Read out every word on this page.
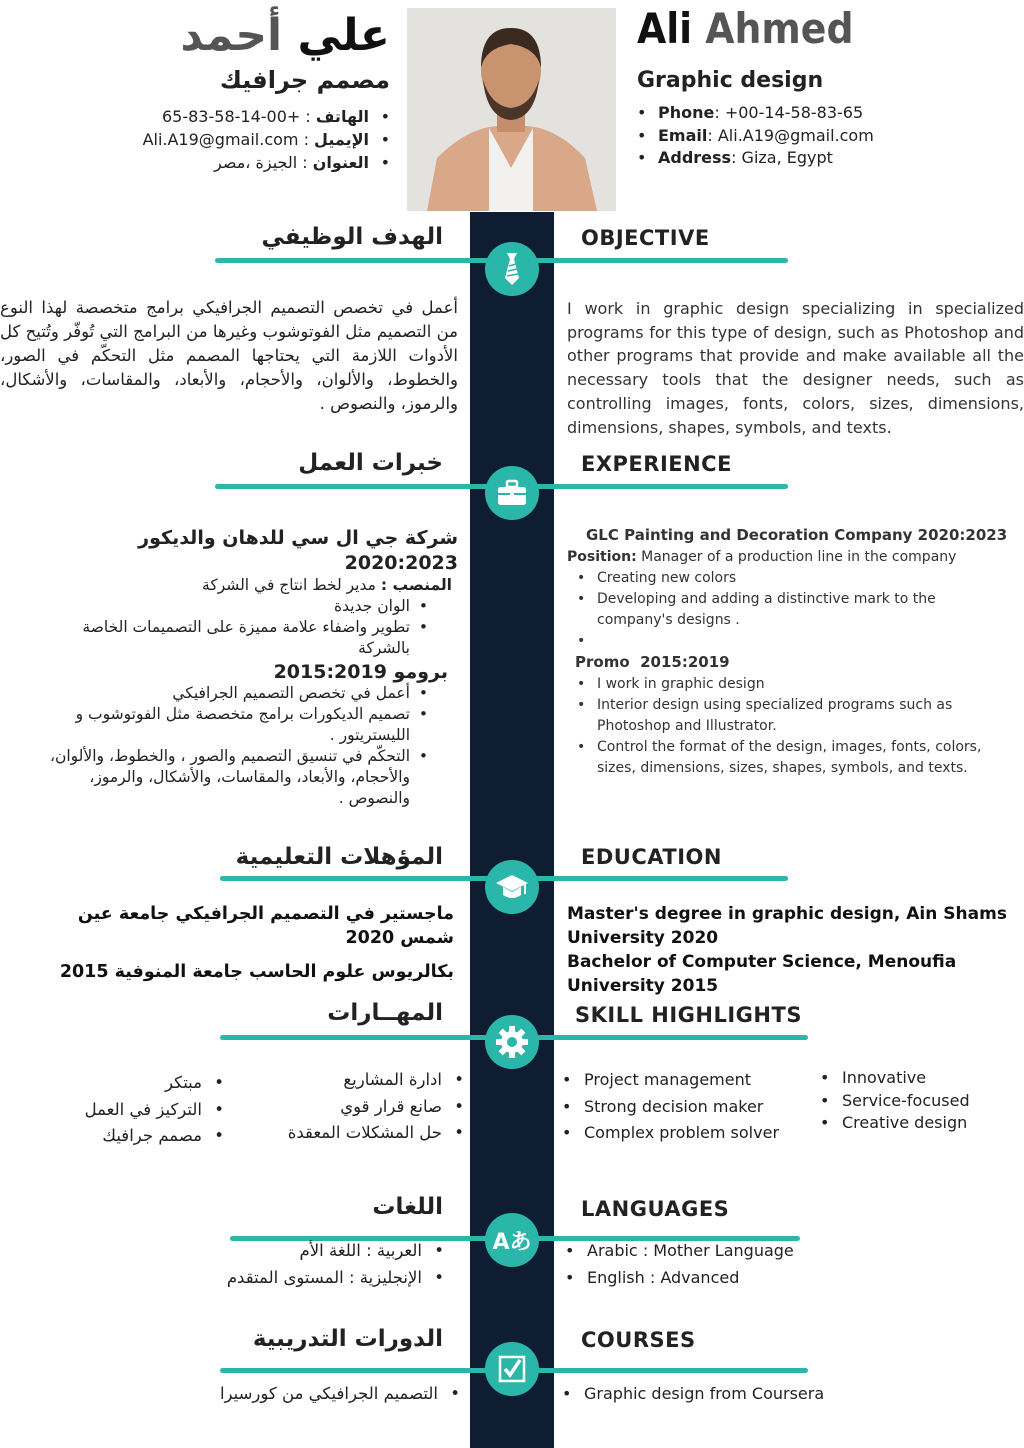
Ali Ahmed
Graphic design
• Phone: +00-14-58-83-65
• Email: Ali.A19@gmail.com
• Address: Giza, Egypt
علي أحمد
مصمم جرافيك
• الهاتف : +00-14-58-83-65
• الإيميل : Ali.A19@gmail.com
• العنوان : الجيزة ،مصر
الهدف الوظيفي	OBJECTIVE
أعمل في تخصص التصميم الجرافيكي برامج متخصصة لهذا النوع من التصميم مثل الفوتوشوب وغيرها من البرامج التي تُوفّر وتُتيح كل الأدوات اللازمة التي يحتاجها المصمم مثل التحكّم في الصور، والخطوط، والألوان، والأحجام، والأبعاد، والمقاسات، والأشكال، والرموز، والنصوص .
I work in graphic design specializing in specialized programs for this type of design, such as Photoshop and other programs that provide and make available all the necessary tools that the designer needs, such as controlling images, fonts, colors, sizes, dimensions, dimensions, shapes, symbols, and texts.
خبرات العمل	EXPERIENCE
GLC Painting and Decoration Company 2020:2023
Position: Manager of a production line in the company
• Creating new colors
• Developing and adding a distinctive mark to the company's designs .
Promo  2015:2019
• I work in graphic design
• Interior design using specialized programs such as Photoshop and Illustrator.
• Control the format of the design, images, fonts, colors, sizes, dimensions, sizes, shapes, symbols, and texts.
شركة جي ال سي للدهان والديكور 2020:2023
المنصب : مدير لخط انتاج في الشركة
• الوان جديدة
• تطوير واضفاء علامة مميزة على التصميمات الخاصة بالشركة
برومو 2015:2019
• أعمل في تخصص التصميم الجرافيكي
• تصميم الديكورات برامج متخصصة مثل الفوتوشوب و الليستريتور .
• التحكّم في تنسيق التصميم والصور ، والخطوط، والألوان، والأحجام، والأبعاد، والمقاسات، والأشكال، والرموز، والنصوص .
المؤهلات التعليمية	EDUCATION
Master's degree in graphic design, Ain Shams University 2020
Bachelor of Computer Science, Menoufia University 2015
ماجستير في التصميم الجرافيكي جامعة عين شمس 2020
بكالريوس علوم الحاسب جامعة المنوفية 2015
المهــارات	SKILL HIGHLIGHTS
• Project management
• Strong decision maker
• Complex problem solver
• Innovative
• Service-focused
• Creative design
• ادارة المشاريع
• صانع قرار قوي
• حل المشكلات المعقدة
• مبتكر
• التركيز في العمل
• مصمم جرافيك
اللغات	LANGUAGES
Aあ
•	Arabic : Mother Language
• English : Advanced
• العربية : اللغة الأم
• الإنجليزية : المستوى المتقدم
الدورات التدريبية	COURSES
• Graphic design from Coursera
• التصميم الجرافيكي من كورسيرا
